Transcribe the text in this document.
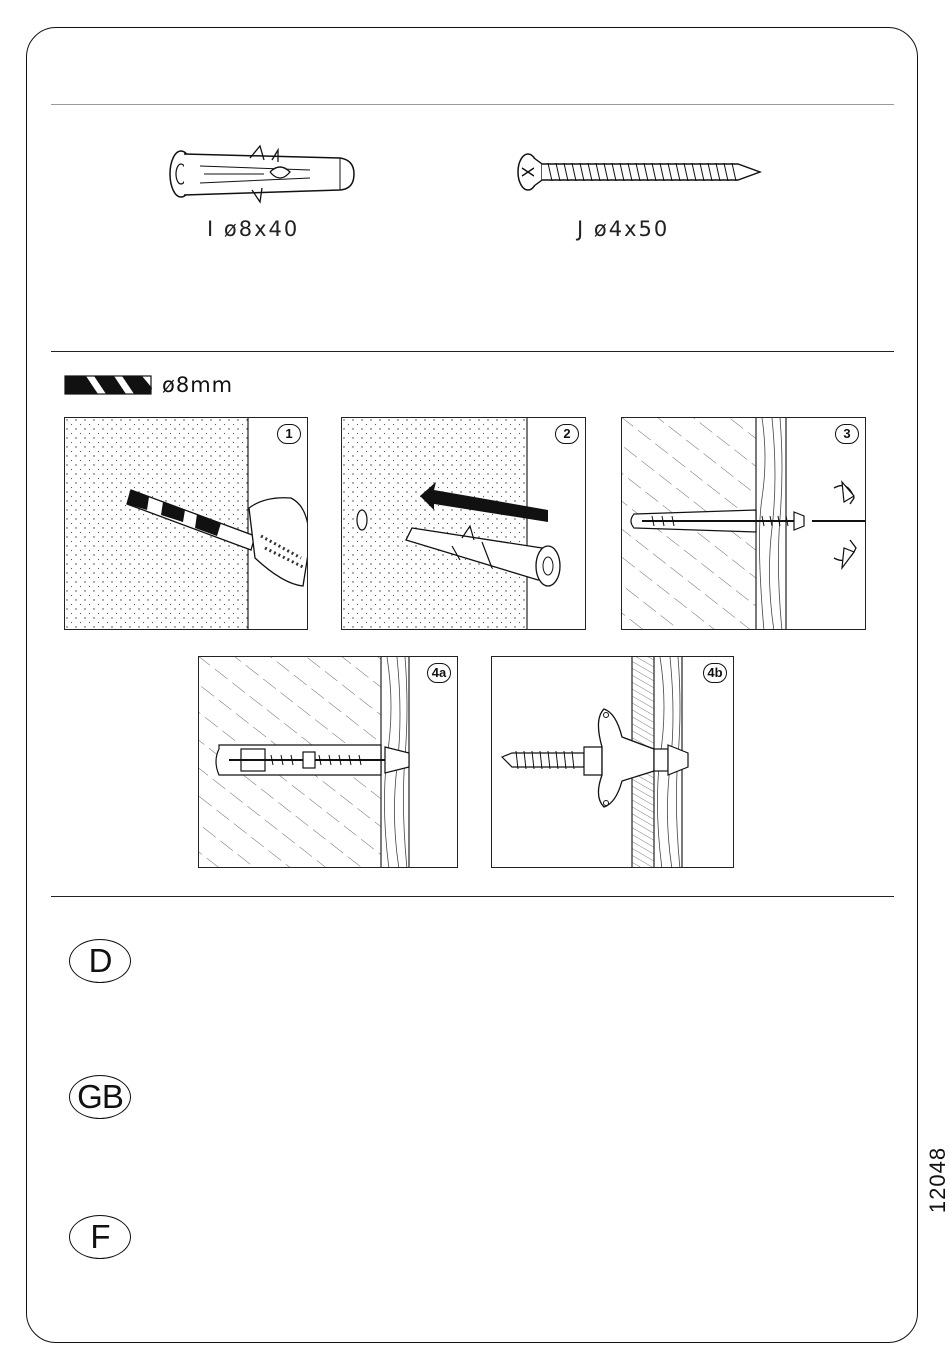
I ø8x40	J ø4x50
ø8mm
1	2	3
4a	4b
D
GB
F
12048
